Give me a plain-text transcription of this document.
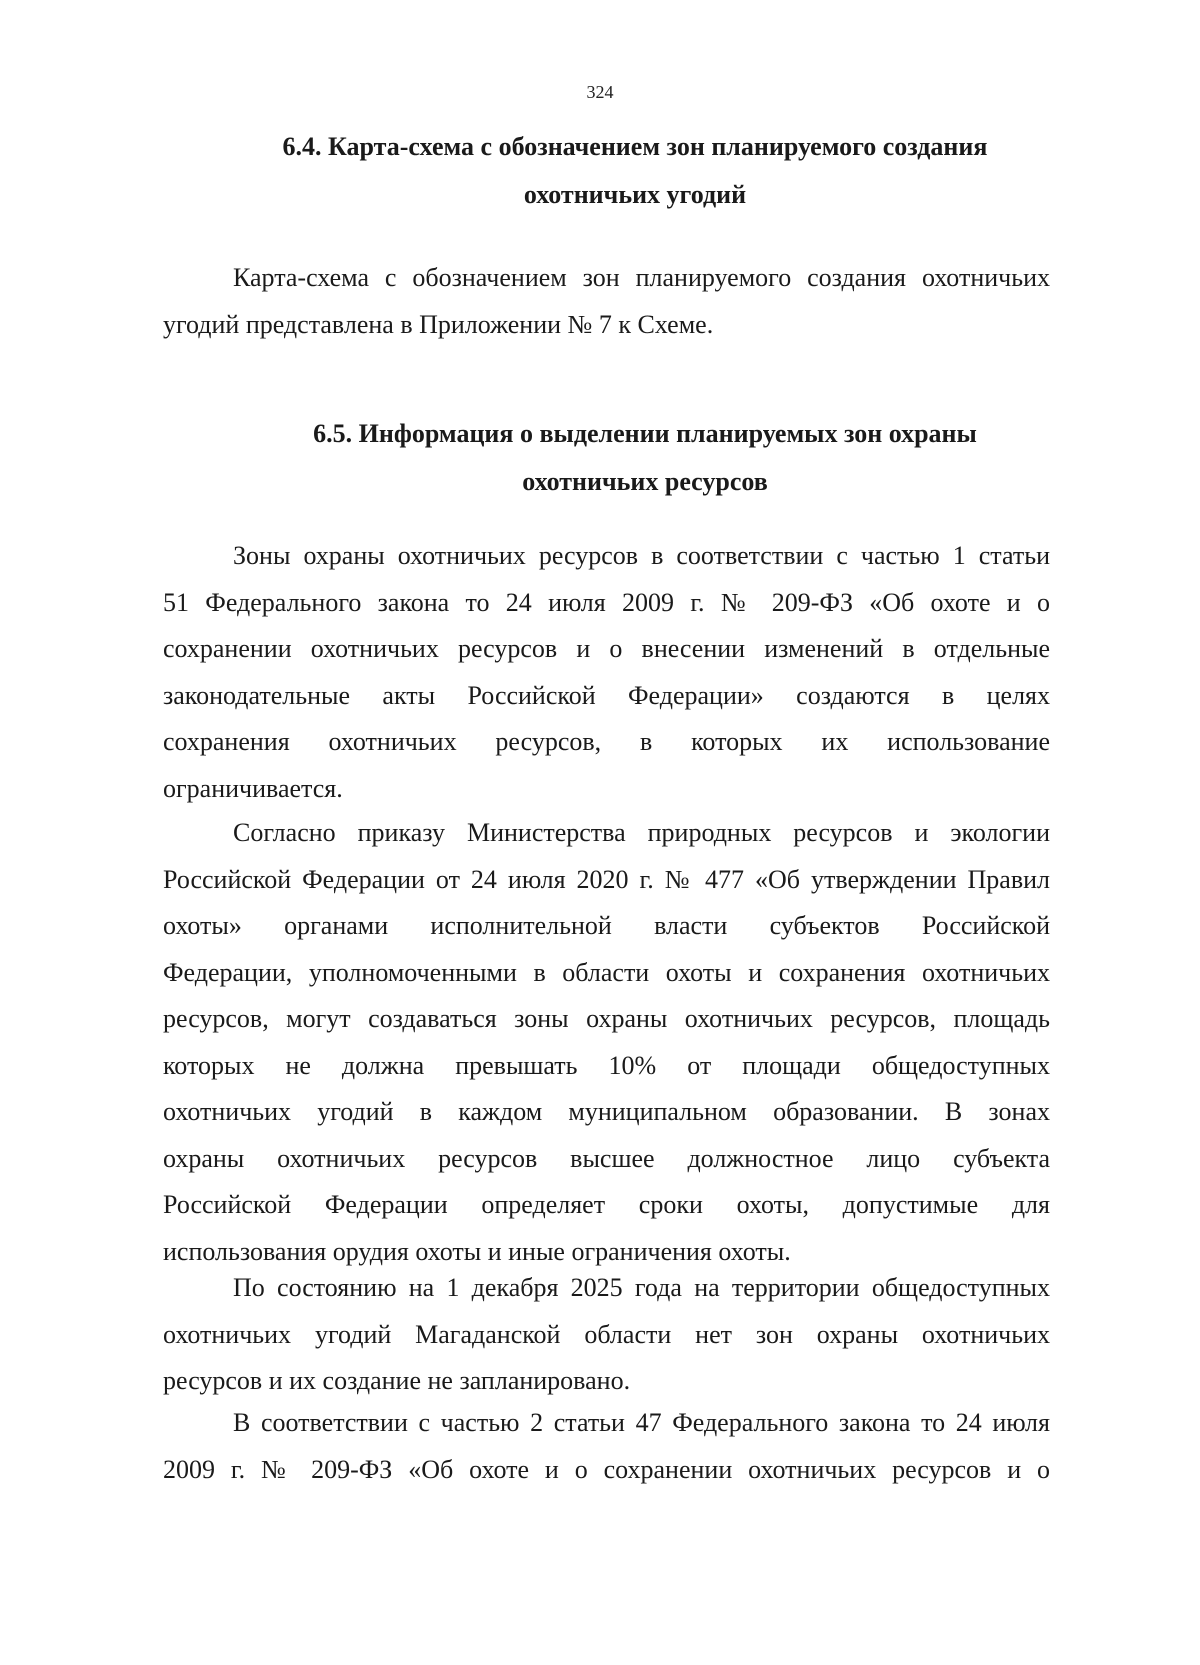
324
6.4. Карта-схема с обозначением зон планируемого создания
охотничьих угодий
Карта-схема с обозначением зон планируемого создания охотничьих
угодий представлена в Приложении № 7 к Схеме.
6.5. Информация о выделении планируемых зон охраны
охотничьих ресурсов
Зоны охраны охотничьих ресурсов в соответствии с частью 1 статьи
51 Федерального закона то 24 июля 2009 г. № 209-ФЗ «Об охоте и о
сохранении охотничьих ресурсов и о внесении изменений в отдельные
законодательные акты Российской Федерации» создаются в целях
сохранения охотничьих ресурсов, в которых их использование
ограничивается.
Согласно приказу Министерства природных ресурсов и экологии
Российской Федерации от 24 июля 2020 г. № 477 «Об утверждении Правил
охоты» органами исполнительной власти субъектов Российской
Федерации, уполномоченными в области охоты и сохранения охотничьих
ресурсов, могут создаваться зоны охраны охотничьих ресурсов, площадь
которых не должна превышать 10% от площади общедоступных
охотничьих угодий в каждом муниципальном образовании. В зонах
охраны охотничьих ресурсов высшее должностное лицо субъекта
Российской Федерации определяет сроки охоты, допустимые для
использования орудия охоты и иные ограничения охоты.
По состоянию на 1 декабря 2025 года на территории общедоступных
охотничьих угодий Магаданской области нет зон охраны охотничьих
ресурсов и их создание не запланировано.
В соответствии с частью 2 статьи 47 Федерального закона то 24 июля
2009 г. № 209-ФЗ «Об охоте и о сохранении охотничьих ресурсов и о
